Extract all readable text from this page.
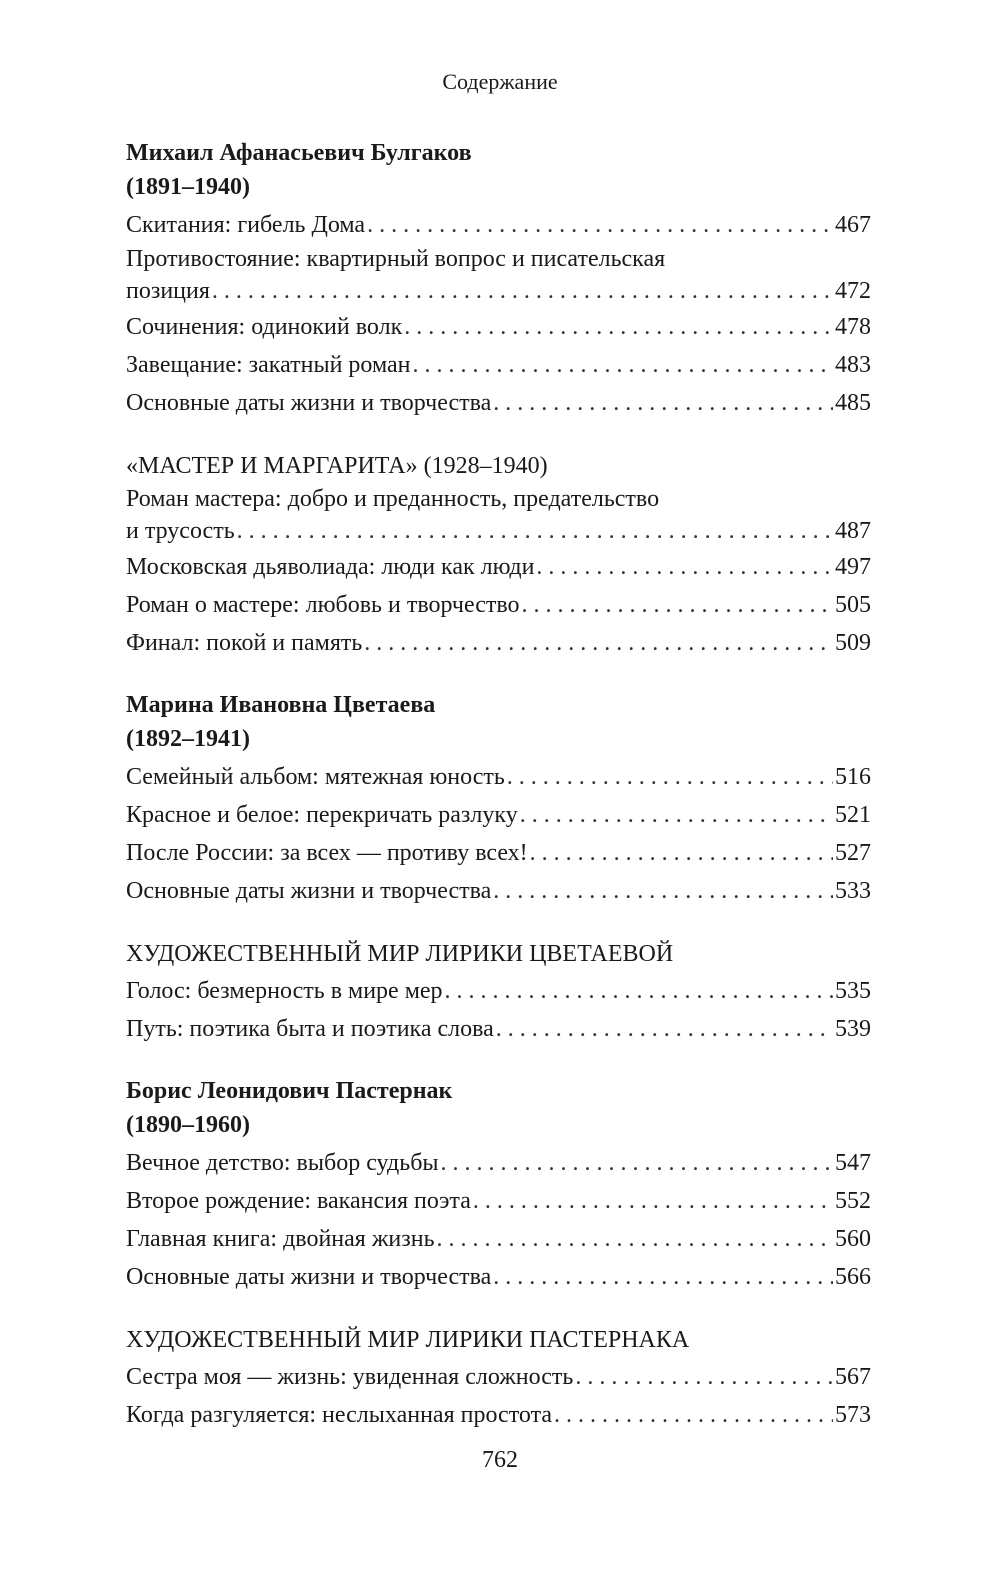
Содержание
Михаил Афанасьевич Булгаков
(1891–1940)
Скитания: гибель Дома . . .	467
Противостояние: квартирный вопрос и писательская
позиция . . .	472
Сочинения: одинокий волк . . .	478
Завещание: закатный роман . . .	483
Основные даты жизни и творчества . . .	485
«МАСТЕР И МАРГАРИТА» (1928–1940)
Роман мастера: добро и преданность, предательство
и трусость . . .	487
Московская дьяволиада: люди как люди . . .	497
Роман о мастере: любовь и творчество . . .	505
Финал: покой и память . . .	509
Марина Ивановна Цветаева
(1892–1941)
Семейный альбом: мятежная юность . . .	516
Красное и белое: перекричать разлуку . . .	521
После России: за всех — противу всех! . . .	527
Основные даты жизни и творчества . . .	533
ХУДОЖЕСТВЕННЫЙ МИР ЛИРИКИ ЦВЕТАЕВОЙ
Голос: безмерность в мире мер . . .	535
Путь: поэтика быта и поэтика слова . . .	539
Борис Леонидович Пастернак
(1890–1960)
Вечное детство: выбор судьбы . . .	547
Второе рождение: вакансия поэта . . .	552
Главная книга: двойная жизнь . . .	560
Основные даты жизни и творчества . . .	566
ХУДОЖЕСТВЕННЫЙ МИР ЛИРИКИ ПАСТЕРНАКА
Сестра моя — жизнь: увиденная сложность . . .	567
Когда разгуляется: неслыханная простота . . .	573
762
